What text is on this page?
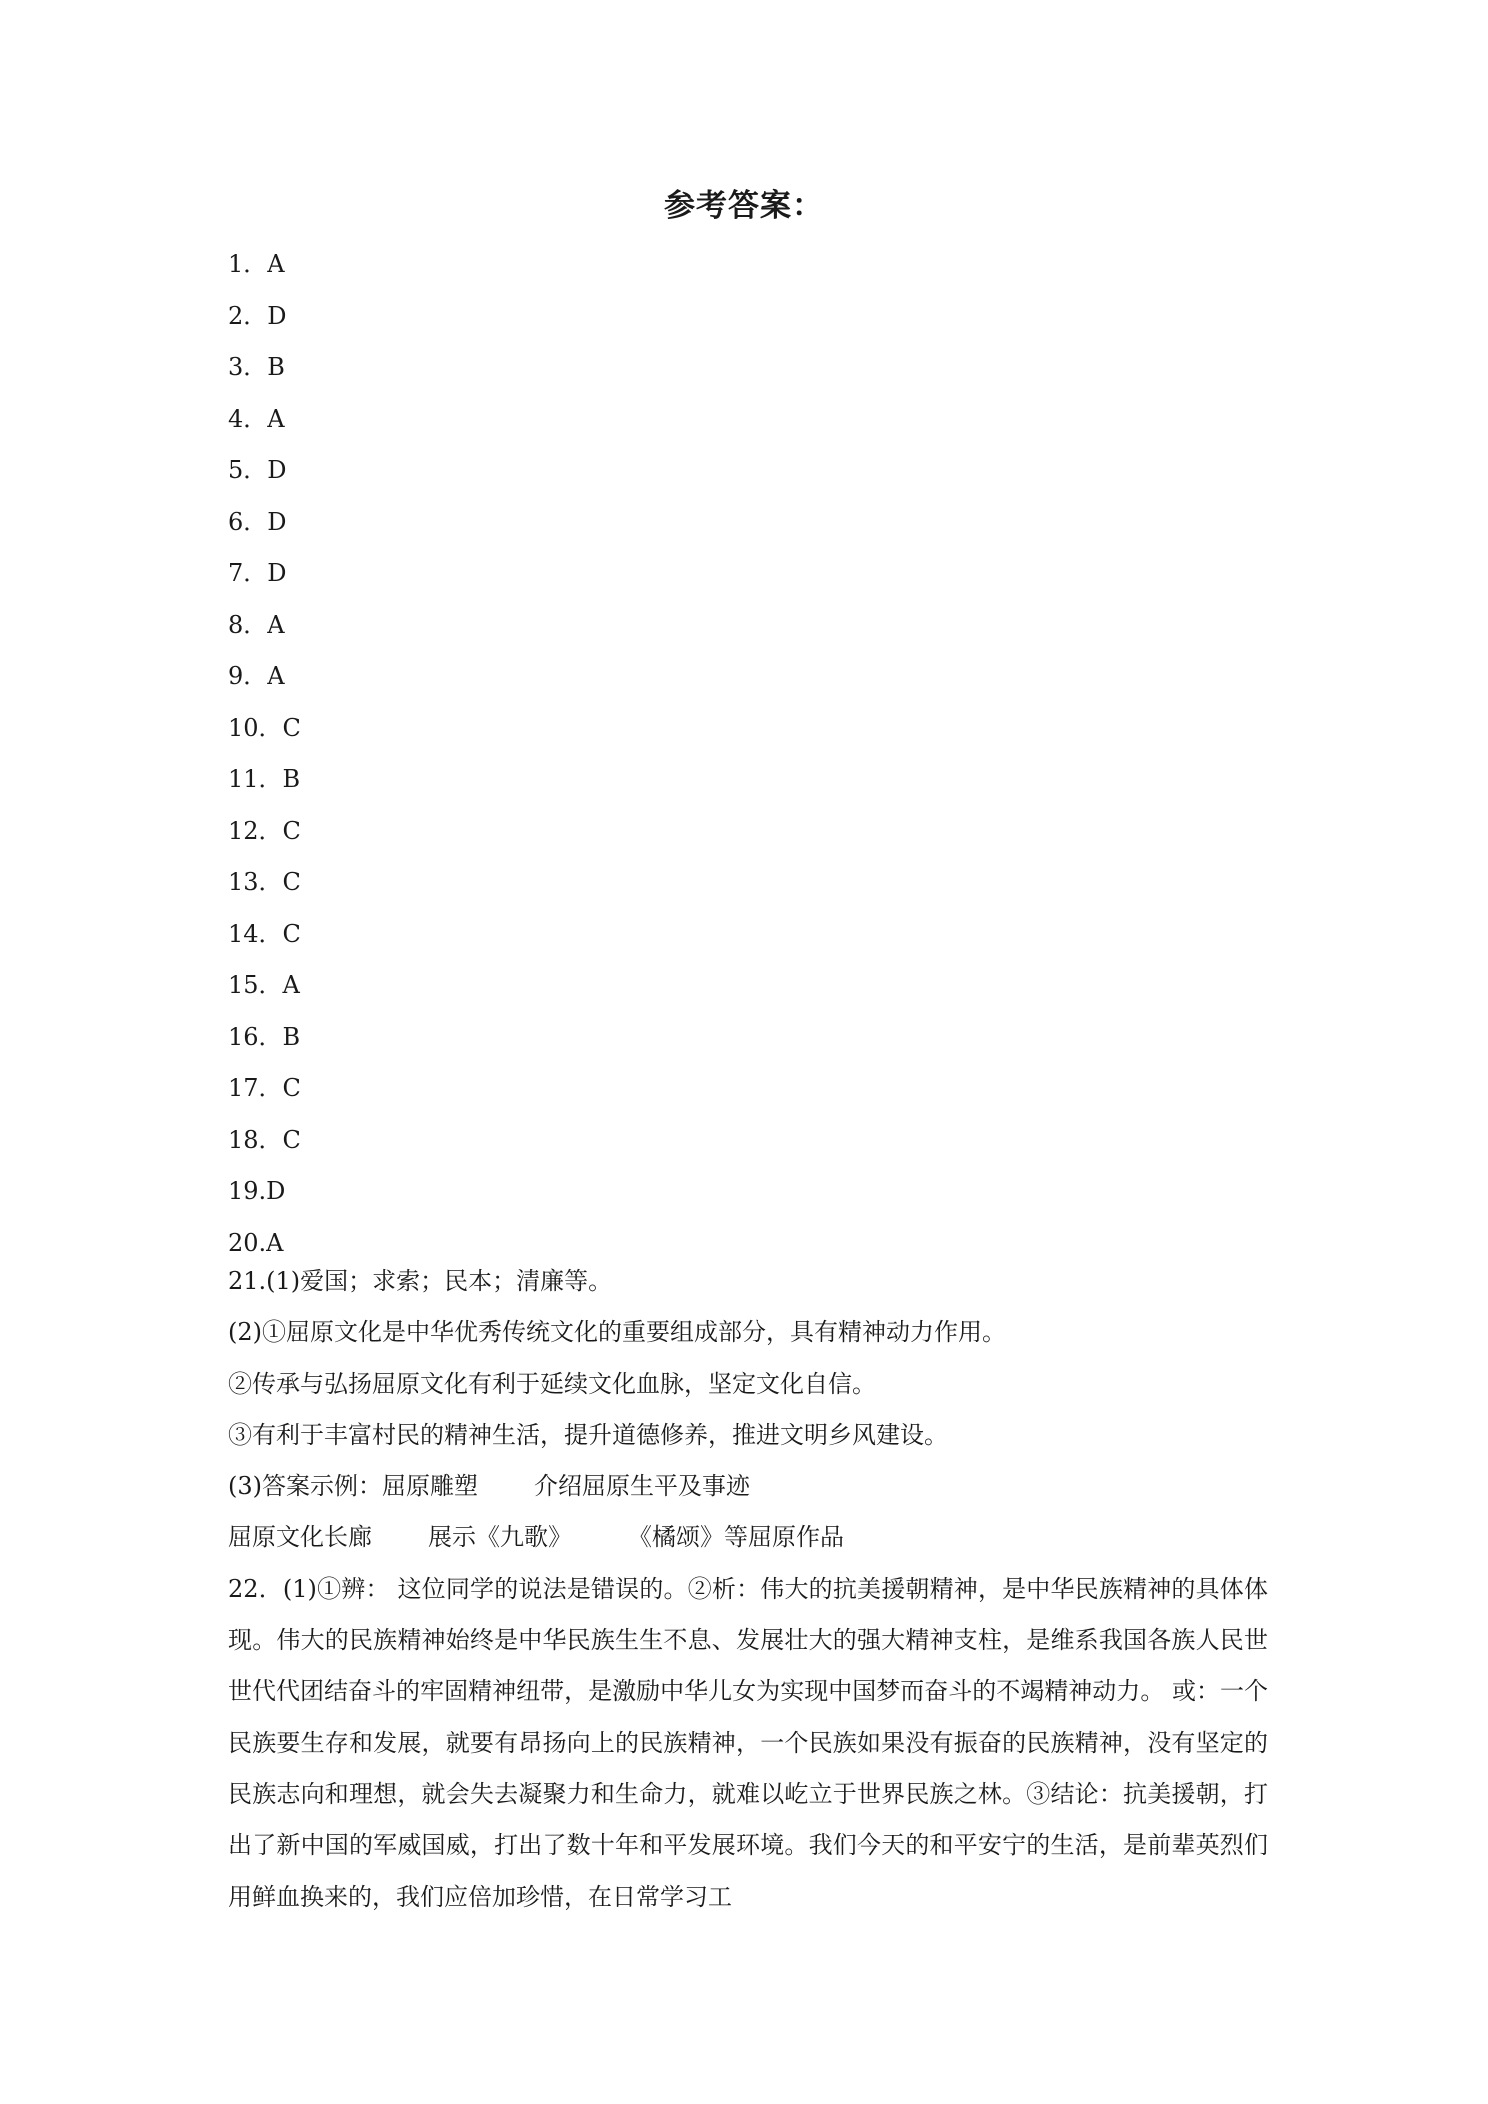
参考答案：
1．A
2．D
3．B
4．A
5．D
6．D
7．D
8．A
9．A
10．C
11．B
12．C
13．C
14．C
15．A
16．B
17．C
18．C
19.D
20.A
21.(1)爱国；求索；民本；清廉等。
(2)①屈原文化是中华优秀传统文化的重要组成部分，具有精神动力作用。
②传承与弘扬屈原文化有利于延续文化血脉，坚定文化自信。
③有利于丰富村民的精神生活，提升道德修养，推进文明乡风建设。
(3)答案示例：屈原雕塑 介绍屈原生平及事迹
屈原文化长廊 展示《九歌》 《橘颂》等屈原作品
22．(1)①辨： 这位同学的说法是错误的。②析：伟大的抗美援朝精神，是中华民族精神的具体体现。伟大的民族精神始终是中华民族生生不息、发展壮大的强大精神支柱，是维系我国各族人民世世代代团结奋斗的牢固精神纽带，是激励中华儿女为实现中国梦而奋斗的不竭精神动力。 或：一个民族要生存和发展，就要有昂扬向上的民族精神，一个民族如果没有振奋的民族精神，没有坚定的民族志向和理想，就会失去凝聚力和生命力，就难以屹立于世界民族之林。③结论：抗美援朝，打出了新中国的军威国威，打出了数十年和平发展环境。我们今天的和平安宁的生活，是前辈英烈们用鲜血换来的，我们应倍加珍惜，在日常学习工
